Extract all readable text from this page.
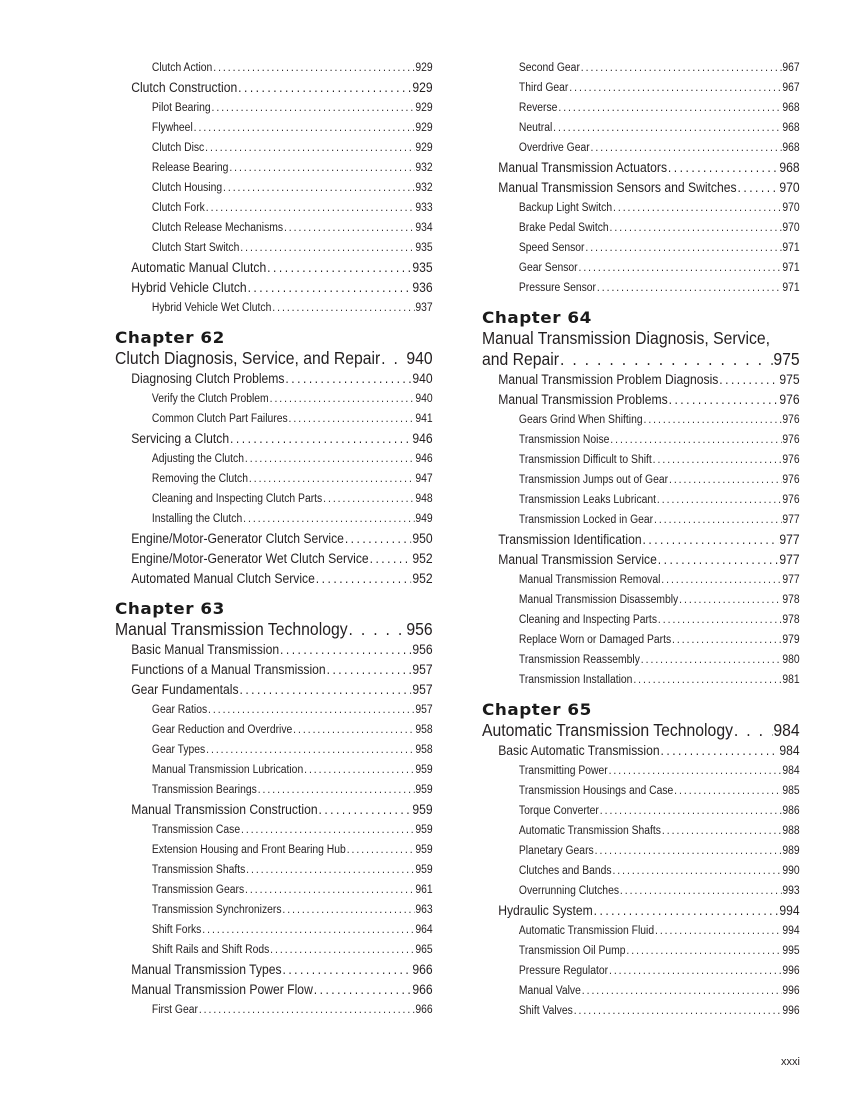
Clutch Action . . .	929
Clutch Construction . . .	929
Pilot Bearing . . .	929
Flywheel . . .	929
Clutch Disc . . .	929
Release Bearing . . .	932
Clutch Housing . . .	932
Clutch Fork . . .	933
Clutch Release Mechanisms . . .	934
Clutch Start Switch . . .	935
Automatic Manual Clutch . . .	935
Hybrid Vehicle Clutch . . .	936
Hybrid Vehicle Wet Clutch . . .	937
Chapter 62
Clutch Diagnosis, Service, and Repair . . . 940
Diagnosing Clutch Problems . . .	940
Verify the Clutch Problem . . .	940
Common Clutch Part Failures . . .	941
Servicing a Clutch . . .	946
Adjusting the Clutch . . .	946
Removing the Clutch . . .	947
Cleaning and Inspecting Clutch Parts . . .	948
Installing the Clutch . . .	949
Engine/Motor-Generator Clutch Service . . .	950
Engine/Motor-Generator Wet Clutch Service . . .	952
Automated Manual Clutch Service . . .	952
Chapter 63
Manual Transmission Technology . . .	956
Basic Manual Transmission . . .	956
Functions of a Manual Transmission . . .	957
Gear Fundamentals . . .	957
Gear Ratios . . .	957
Gear Reduction and Overdrive . . .	958
Gear Types . . .	958
Manual Transmission Lubrication . . .	959
Transmission Bearings . . .	959
Manual Transmission Construction . . .	959
Transmission Case . . .	959
Extension Housing and Front Bearing Hub . . .	959
Transmission Shafts . . .	959
Transmission Gears . . .	961
Transmission Synchronizers . . .	963
Shift Forks . . .	964
Shift Rails and Shift Rods . . .	965
Manual Transmission Types . . .	966
Manual Transmission Power Flow . . .	966
First Gear . . .	966
Second Gear . . .	967
Third Gear . . .	967
Reverse . . .	968
Neutral . . .	968
Overdrive Gear . . .	968
Manual Transmission Actuators . . .	968
Manual Transmission Sensors and Switches . . .	970
Backup Light Switch . . .	970
Brake Pedal Switch . . .	970
Speed Sensor . . .	971
Gear Sensor . . .	971
Pressure Sensor . . .	971
Chapter 64
Manual Transmission Diagnosis, Service,
and Repair . . .	975
Manual Transmission Problem Diagnosis . . .	975
Manual Transmission Problems . . .	976
Gears Grind When Shifting . . .	976
Transmission Noise . . .	976
Transmission Difficult to Shift . . .	976
Transmission Jumps out of Gear . . .	976
Transmission Leaks Lubricant . . .	976
Transmission Locked in Gear . . .	977
Transmission Identification . . .	977
Manual Transmission Service . . .	977
Manual Transmission Removal . . .	977
Manual Transmission Disassembly . . .	978
Cleaning and Inspecting Parts . . .	978
Replace Worn or Damaged Parts . . .	979
Transmission Reassembly . . .	980
Transmission Installation . . .	981
Chapter 65
Automatic Transmission Technology . . . 984
Basic Automatic Transmission . . .	984
Transmitting Power . . .	984
Transmission Housings and Case . . .	985
Torque Converter . . .	986
Automatic Transmission Shafts . . .	988
Planetary Gears . . .	989
Clutches and Bands . . .	990
Overrunning Clutches . . .	993
Hydraulic System . . .	994
Automatic Transmission Fluid . . .	994
Transmission Oil Pump . . .	995
Pressure Regulator . . .	996
Manual Valve . . .	996
Shift Valves . . .	996
xxxi
